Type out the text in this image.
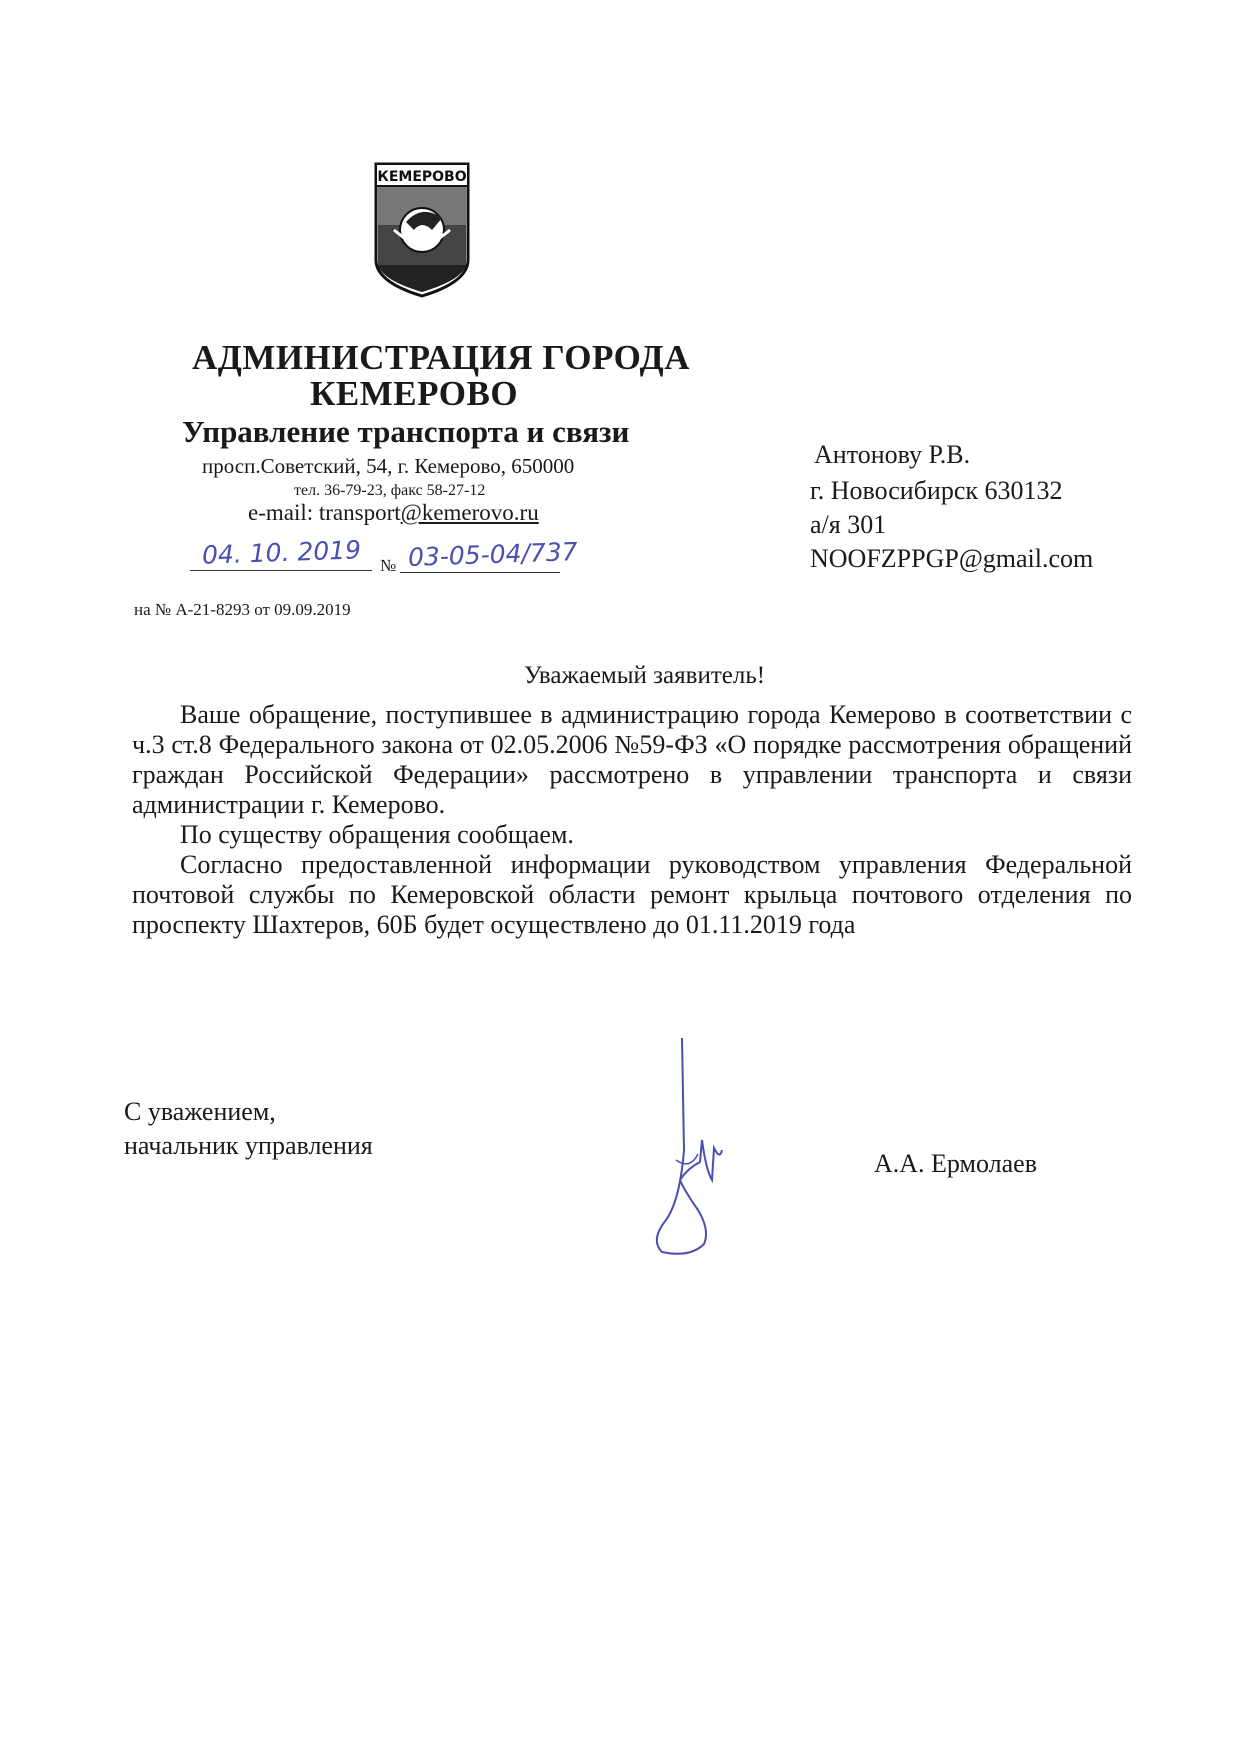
КЕМЕРОВО
АДМИНИСТРАЦИЯ ГОРОДА
КЕМЕРОВО
Управление транспорта и связи
просп.Советский, 54, г. Кемерово, 650000
тел. 36-79-23, факс 58-27-12
e-mail: transport@kemerovo.ru
04. 10. 2019 № 03-05-04/737
на № А-21-8293 от 09.09.2019
Антонову Р.В.
г. Новосибирск 630132
а/я 301
NOOFZPPGP@gmail.com
Уважаемый заявитель!

Ваше обращение, поступившее в администрацию города Кемерово в соответствии с ч.3 ст.8 Федерального закона от 02.05.2006 №59-ФЗ «О порядке рассмотрения обращений граждан Российской Федерации» рассмотрено в управлении транспорта и связи администрации г. Кемерово.

По существу обращения сообщаем.

Согласно предоставленной информации руководством управления Федеральной почтовой службы по Кемеровской области ремонт крыльца почтового отделения по проспекту Шахтеров, 60Б будет осуществлено до 01.11.2019 года

С уважением,
начальник управления
А.А. Ермолаев
